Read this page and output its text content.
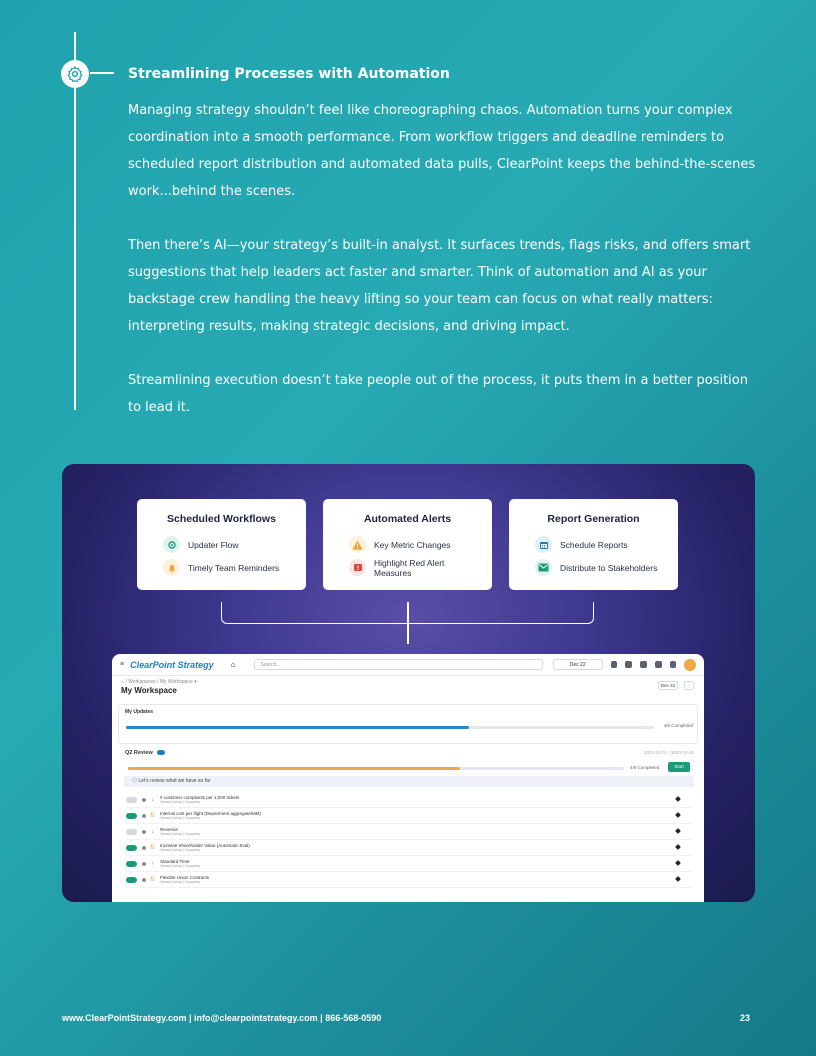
Streamlining Processes with Automation
Managing strategy shouldn’t feel like choreographing chaos. Automation turns your complex coordination into a smooth performance. From workflow triggers and deadline reminders to scheduled report distribution and automated data pulls, ClearPoint keeps the behind-the-scenes work...behind the scenes.
Then there’s AI—your strategy’s built-in analyst. It surfaces trends, flags risks, and offers smart suggestions that help leaders act faster and smarter. Think of automation and AI as your backstage crew handling the heavy lifting so your team can focus on what really matters: interpreting results, making strategic decisions, and driving impact.
Streamlining execution doesn’t take people out of the process, it puts them in a better position to lead it.
Scheduled Workflows
Updater Flow
Timely Team Reminders
Automated Alerts
Key Metric Changes
Highlight Red Alert Measures
Report Generation
Schedule Reports
Distribute to Stakeholders
≡ ClearPoint Strategy	⌂	Search...	Dec 22
⌂ / Workspaces / My Workspace ▾
My Workspace
Dec 22	⋮
My Updates
4/6 Completed
Q2 Review	2023-10-01 - 2023-12-31
4/6 Completed	Start
ⓘ Let's review what we have so far
↓ # customer complaints per 1,000 tickets
Upward Arrow | Complete
⇅ Internal cost per flight (Department aggregate/MM)
Upward Arrow | Complete
↓ Revenue
Upward Arrow | Complete
⇅ Increase Shareholder Value (Automatic Eval)
Upward Arrow | Complete
↑ Standard Fleet
Upward Arrow | Complete
⇅ Flexible Union Contracts
Upward Arrow | Complete
www.ClearPointStrategy.com | info@clearpointstrategy.com | 866-568-0590	23
